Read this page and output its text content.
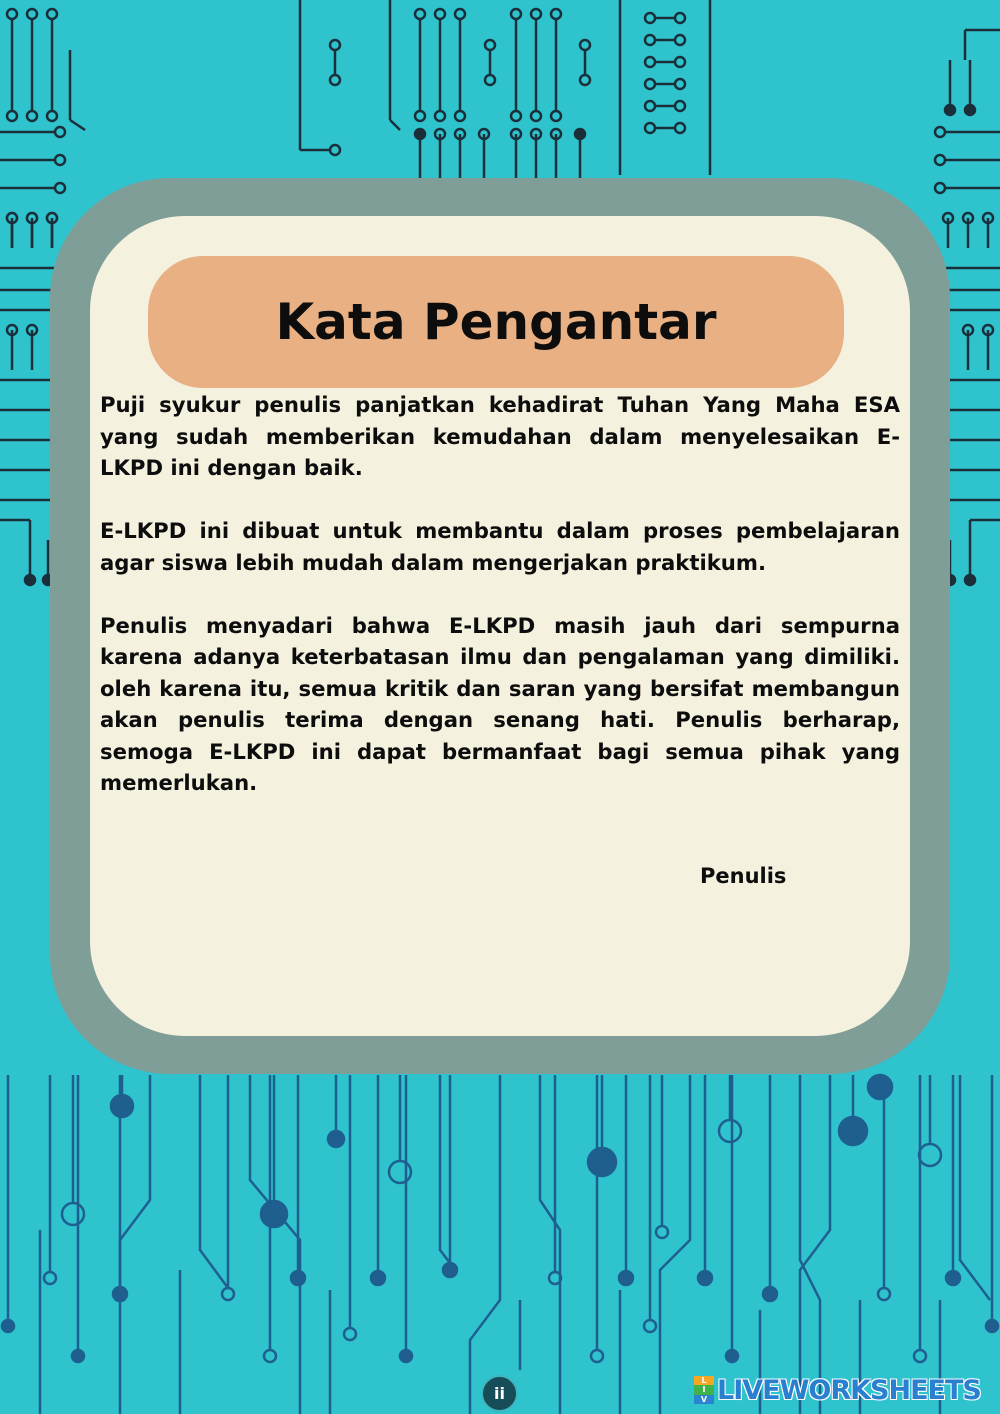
Kata Pengantar

Puji syukur penulis panjatkan kehadirat Tuhan Yang Maha ESA yang sudah memberikan kemudahan dalam menyelesaikan E-LKPD ini dengan baik.

E-LKPD ini dibuat untuk membantu dalam proses pembelajaran agar siswa lebih mudah dalam mengerjakan praktikum.

Penulis menyadari bahwa E-LKPD masih jauh dari sempurna karena adanya keterbatasan ilmu dan pengalaman yang dimiliki. oleh karena itu, semua kritik dan saran yang bersifat membangun akan penulis terima dengan senang hati. Penulis berharap, semoga E-LKPD ini dapat bermanfaat bagi semua pihak yang memerlukan.

Penulis
ii
L
I
V LIVEWORKSHEETS
